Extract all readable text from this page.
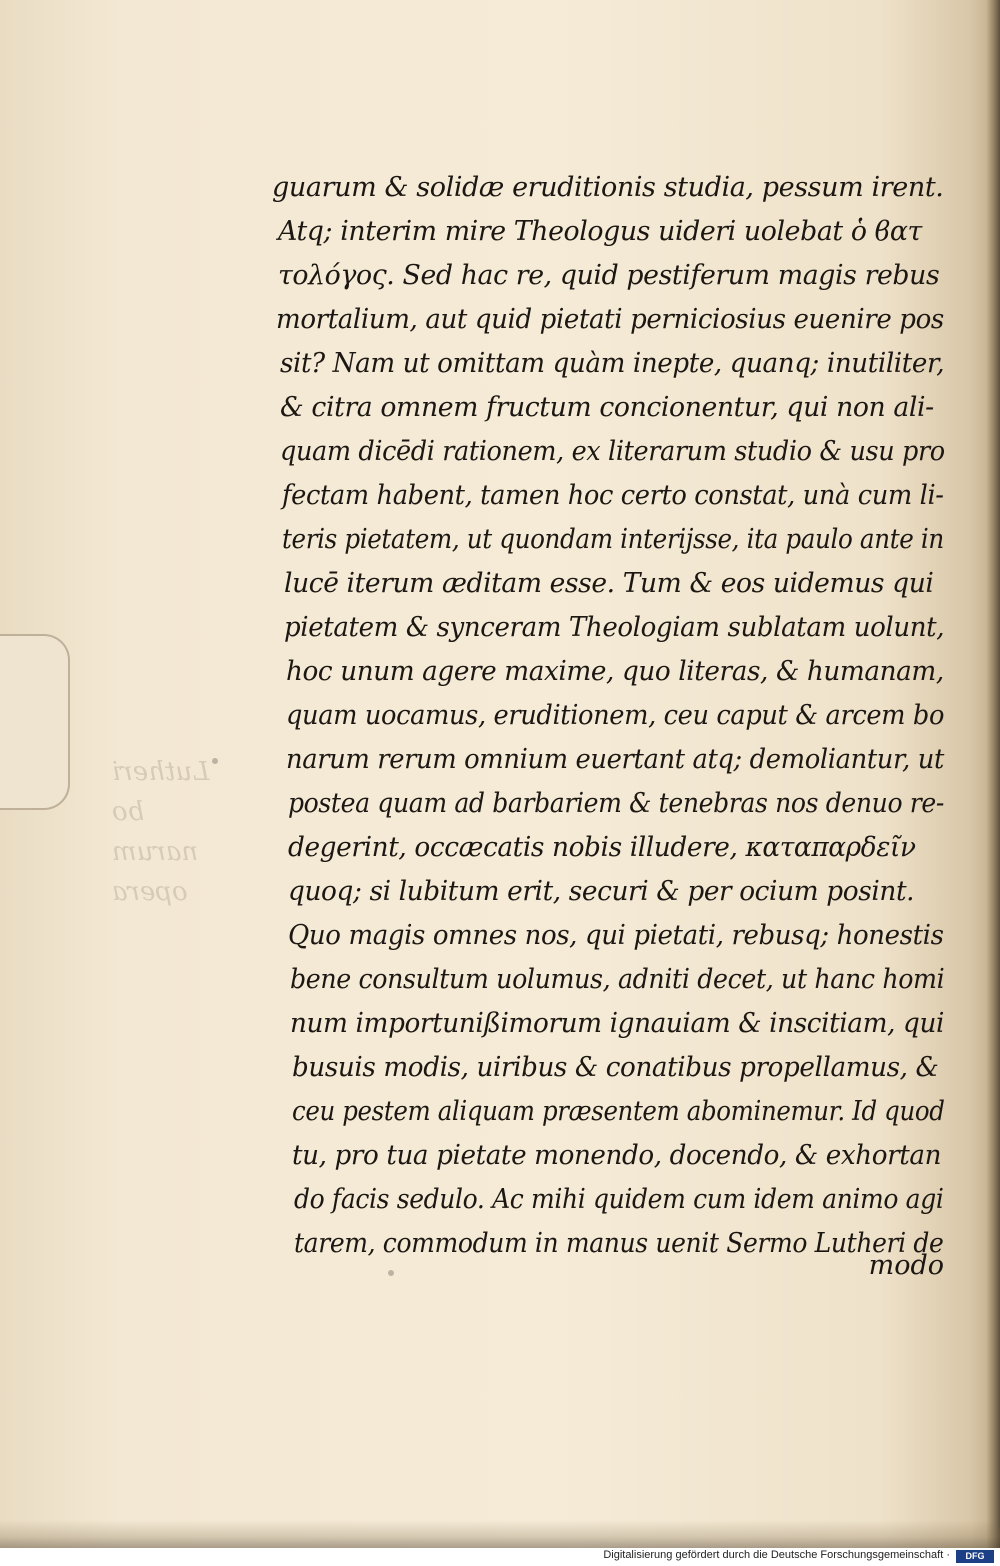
Lutheri bo
narum opera
guarum & solidæ eruditionis studia, pessum irent.
Atq; interim mire Theologus uideri uolebat ὁ ϐατ
τολόγος. Sed hac re, quid pestiferum magis rebus
mortalium, aut quid pietati perniciosius euenire pos
sit? Nam ut omittam quàm inepte, quanq; inutiliter,
& citra omnem fructum concionentur, qui non ali-
quam dicēdi rationem, ex literarum studio & usu pro
fectam habent, tamen hoc certo constat, unà cum li-
teris pietatem, ut quondam interijsse, ita paulo ante in
lucē iterum æditam esse. Tum & eos uidemus qui
pietatem & synceram Theologiam sublatam uolunt,
hoc unum agere maxime, quo literas, & humanam,
quam uocamus, eruditionem, ceu caput & arcem bo
narum rerum omnium euertant atq; demoliantur, ut
postea quam ad barbariem & tenebras nos denuo re-
degerint, occæcatis nobis illudere, καταπαρδεῖν
quoq; si lubitum erit, securi & per ocium posint.
Quo magis omnes nos, qui pietati, rebusq; honestis
bene consultum uolumus, adniti decet, ut hanc homi
num importunißimorum ignauiam & inscitiam, qui
busuis modis, uiribus & conatibus propellamus, &
ceu pestem aliquam præsentem abominemur. Id quod
tu, pro tua pietate monendo, docendo, & exhortan
do facis sedulo. Ac mihi quidem cum idem animo agi
tarem, commodum in manus uenit Sermo Lutheri de
modo
Digitalisierung gefördert durch die Deutsche Forschungsgemeinschaft ·	DFG
